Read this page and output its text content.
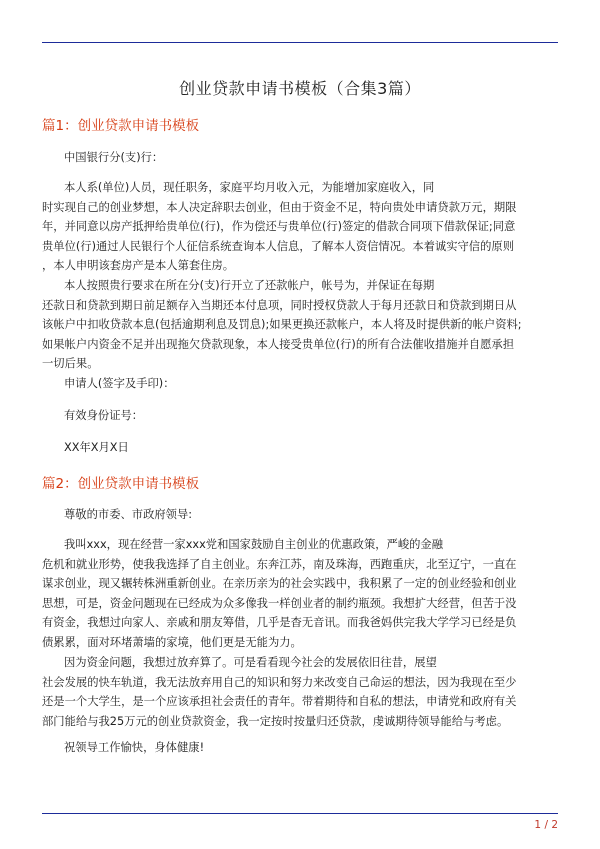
创业贷款申请书模板（合集3篇）
篇1：创业贷款申请书模板

中国银行分(支)行：

本人系(单位)人员，现任职务，家庭平均月收入元，为能增加家庭收入，同
时实现自己的创业梦想，本人决定辞职去创业，但由于资金不足，特向贵处申请贷款万元，期限
年，并同意以房产抵押给贵单位(行)，作为偿还与贵单位(行)签定的借款合同项下借款保证;同意
贵单位(行)通过人民银行个人征信系统查询本人信息，了解本人资信情况。本着诚实守信的原则
，本人申明该套房产是本人第套住房。

本人按照贵行要求在所在分(支)行开立了还款帐户，帐号为，并保证在每期
还款日和贷款到期日前足额存入当期还本付息项，同时授权贷款人于每月还款日和贷款到期日从
该帐户中扣收贷款本息(包括逾期利息及罚息);如果更换还款帐户，本人将及时提供新的帐户资料;
如果帐户内资金不足并出现拖欠贷款现象，本人接受贵单位(行)的所有合法催收措施并自愿承担
一切后果。

申请人(签字及手印)：

有效身份证号：

XX年X月X日

篇2：创业贷款申请书模板

尊敬的市委、市政府领导:

我叫xxx，现在经营一家xxx党和国家鼓励自主创业的优惠政策，严峻的金融
危机和就业形势，使我我选择了自主创业。东奔江苏，南及珠海，西跑重庆，北至辽宁，一直在
谋求创业，现又辗转株洲重新创业。在亲历亲为的社会实践中，我积累了一定的创业经验和创业
思想，可是，资金问题现在已经成为众多像我一样创业者的制约瓶颈。我想扩大经营，但苦于没
有资金，我想过向家人、亲戚和朋友筹借，几乎是杳无音讯。而我爸妈供完我大学学习已经是负
债累累，面对环堵萧墙的家境，他们更是无能为力。

因为资金问题，我想过放弃算了。可是看看现今社会的发展依旧往昔，展望
社会发展的快车轨道，我无法放弃用自己的知识和努力来改变自己命运的想法，因为我现在至少
还是一个大学生，是一个应该承担社会责任的青年。带着期待和自私的想法，申请党和政府有关
部门能给与我25万元的创业贷款资金，我一定按时按量归还贷款，虔诚期待领导能给与考虑。

祝领导工作愉快，身体健康!

1 / 2
